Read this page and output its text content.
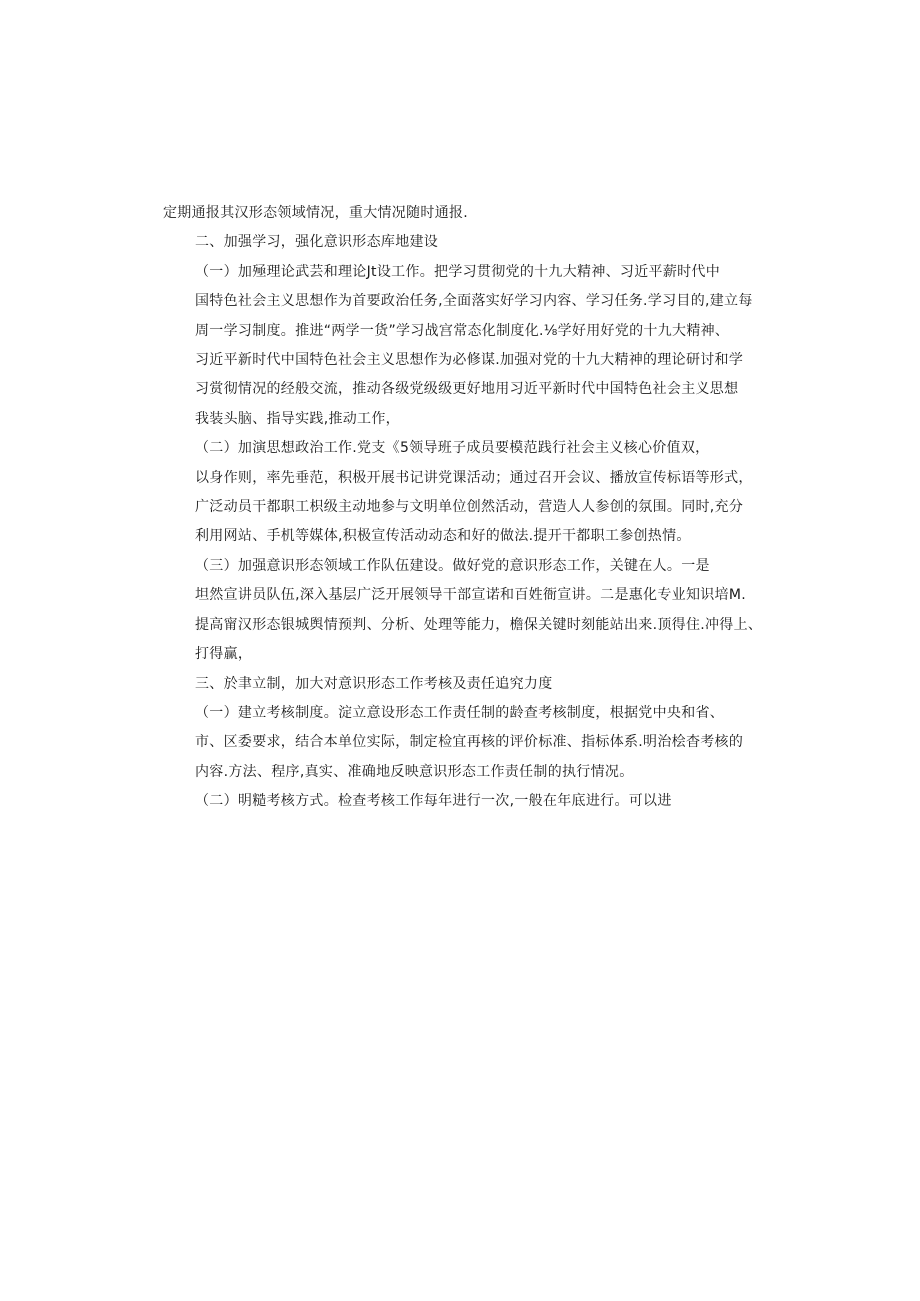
定期通报其汉形态领域情况，重大情况随时通报.
二、加强学习，强化意识形态库地建设
（一）加殛理论武芸和理论Jt设工作。把学习贯彻党的十九大精神、习近平薪时代中
国特色社会主义思想作为首要政治任务,全面落实好学习内容、学习任务.学习目的,建立每
周一学习制度。推进“两学一货”学习战宫常态化制度化.⅛学好用好党的十九大精神、
习近平新时代中国特色社会主义思想作为必修谋.加强对党的十九大精神的理论研讨和学
习赏彻情况的经般交流，推动各级党级级更好地用习近平新时代中国特色社会主义思想
我装头脑、指导实践,推动工作，
（二）加演思想政治工作.党支《5领导班子成员要模范践行社会主义核心价值双，
以身作则，率先垂范，积极开展书记讲党课活动；通过召开会议、播放宣传标语等形式，
广泛动员干都职工枳级主动地参与文明单位创然活动，营造人人参创的氛围。同时,充分
利用网站、手机等媒体,积极宣传活动动态和好的做法.提开干都职工参创热情。
（三）加强意识形态领域工作队伍建设。做好党的意识形态工作，关键在人。一是
坦然宣讲员队伍,深入基层广泛开展领导干部宣诺和百姓衙宣讲。二是惠化专业知识培M.
提高甯汉形态银城舆情预判、分析、处理等能力，檐保关键时刻能站出来.顶得住.冲得上、
打得赢，
三、於聿立制，加大对意识形态工作考核及责任追究力度
（一）建立考核制度。淀立意设形态工作责任制的龄查考核制度，根据党中央和省、
市、区委要求，结合本单位实际，制定检宜再核的评价标准、指标体系.明治桧杳考核的
内容.方法、程序,真实、准确地反映意识形态工作责任制的执行情况。
（二）明糙考核方式。检查考核工作每年进行一次,一般在年底进行。可以进
